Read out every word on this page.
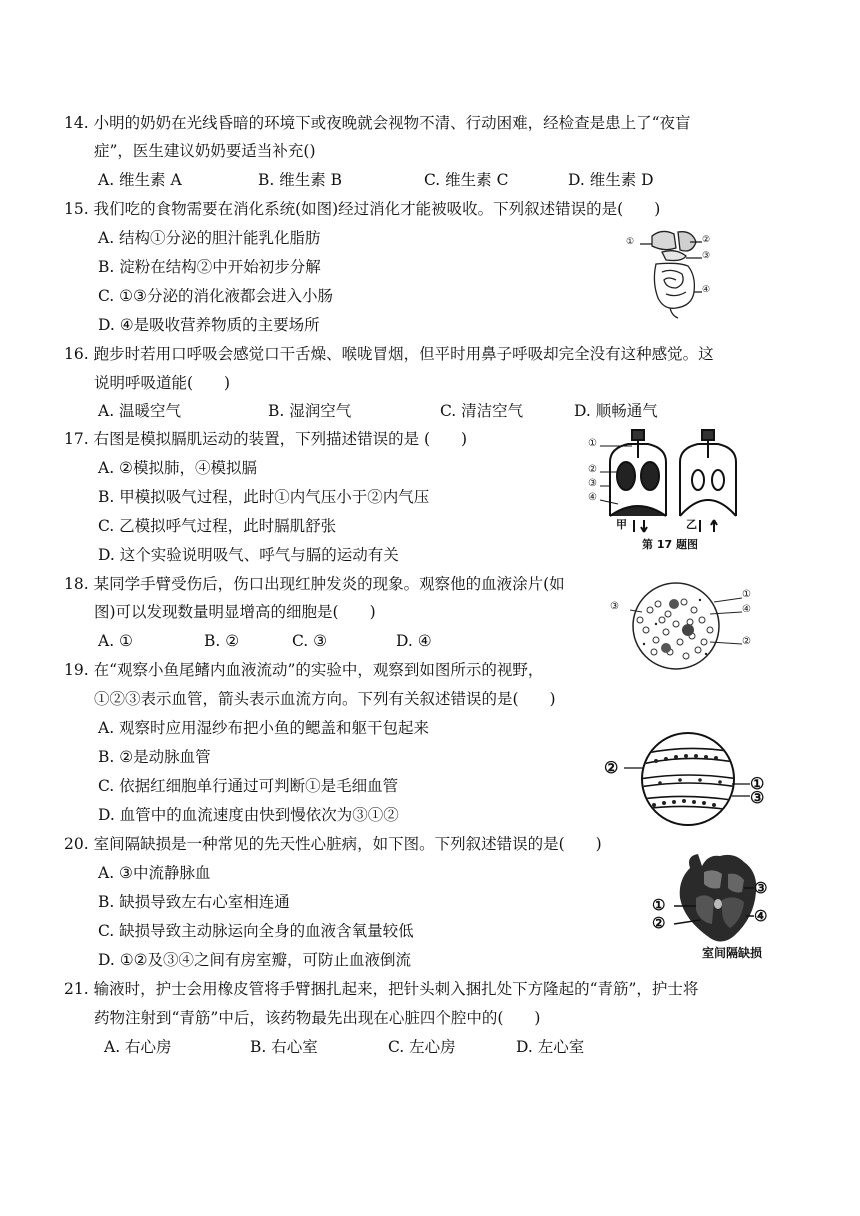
14. 小明的奶奶在光线昏暗的环境下或夜晚就会视物不清、行动困难，经检查是患上了“夜盲
症”，医生建议奶奶要适当补充()
A. 维生素 A	B. 维生素 B	C. 维生素 C	D. 维生素 D
15. 我们吃的食物需要在消化系统(如图)经过消化才能被吸收。下列叙述错误的是(　　)
A. 结构①分泌的胆汁能乳化脂肪
B. 淀粉在结构②中开始初步分解
C. ①③分泌的消化液都会进入小肠
D. ④是吸收营养物质的主要场所
①	②
③
④
16. 跑步时若用口呼吸会感觉口干舌燥、喉咙冒烟，但平时用鼻子呼吸却完全没有这种感觉。这
说明呼吸道能(　　)
A. 温暖空气	B. 湿润空气	C. 清洁空气	D. 顺畅通气
17. 右图是模拟膈肌运动的装置，下列描述错误的是 (　　)
A. ②模拟肺，④模拟膈
B. 甲模拟吸气过程，此时①内气压小于②内气压
C. 乙模拟呼气过程，此时膈肌舒张
D. 这个实验说明吸气、呼气与膈的运动有关
①
②
③
④
甲	乙
第 17 题图
18. 某同学手臂受伤后，伤口出现红肿发炎的现象。观察他的血液涂片(如
图)可以发现数量明显增高的细胞是(　　)
A. ①	B. ②	C. ③	D. ④
③
①
④
②
19. 在“观察小鱼尾鳍内血液流动”的实验中，观察到如图所示的视野，
①②③表示血管，箭头表示血流方向。下列有关叙述错误的是(　　)
A. 观察时应用湿纱布把小鱼的鳃盖和躯干包起来
B. ②是动脉血管
C. 依据红细胞单行通过可判断①是毛细血管
D. 血管中的血流速度由快到慢依次为③①②
②
①
③
20. 室间隔缺损是一种常见的先天性心脏病，如下图。下列叙述错误的是(　　)
A. ③中流静脉血
B. 缺损导致左右心室相连通
C. 缺损导致主动脉运向全身的血液含氧量较低
D. ①②及③④之间有房室瓣，可防止血液倒流
①
②
③
④
室间隔缺损
21. 输液时，护士会用橡皮管将手臂捆扎起来，把针头刺入捆扎处下方隆起的“青筋”，护士将
药物注射到“青筋”中后，该药物最先出现在心脏四个腔中的(　　)
A. 右心房	B. 右心室	C. 左心房	D. 左心室
